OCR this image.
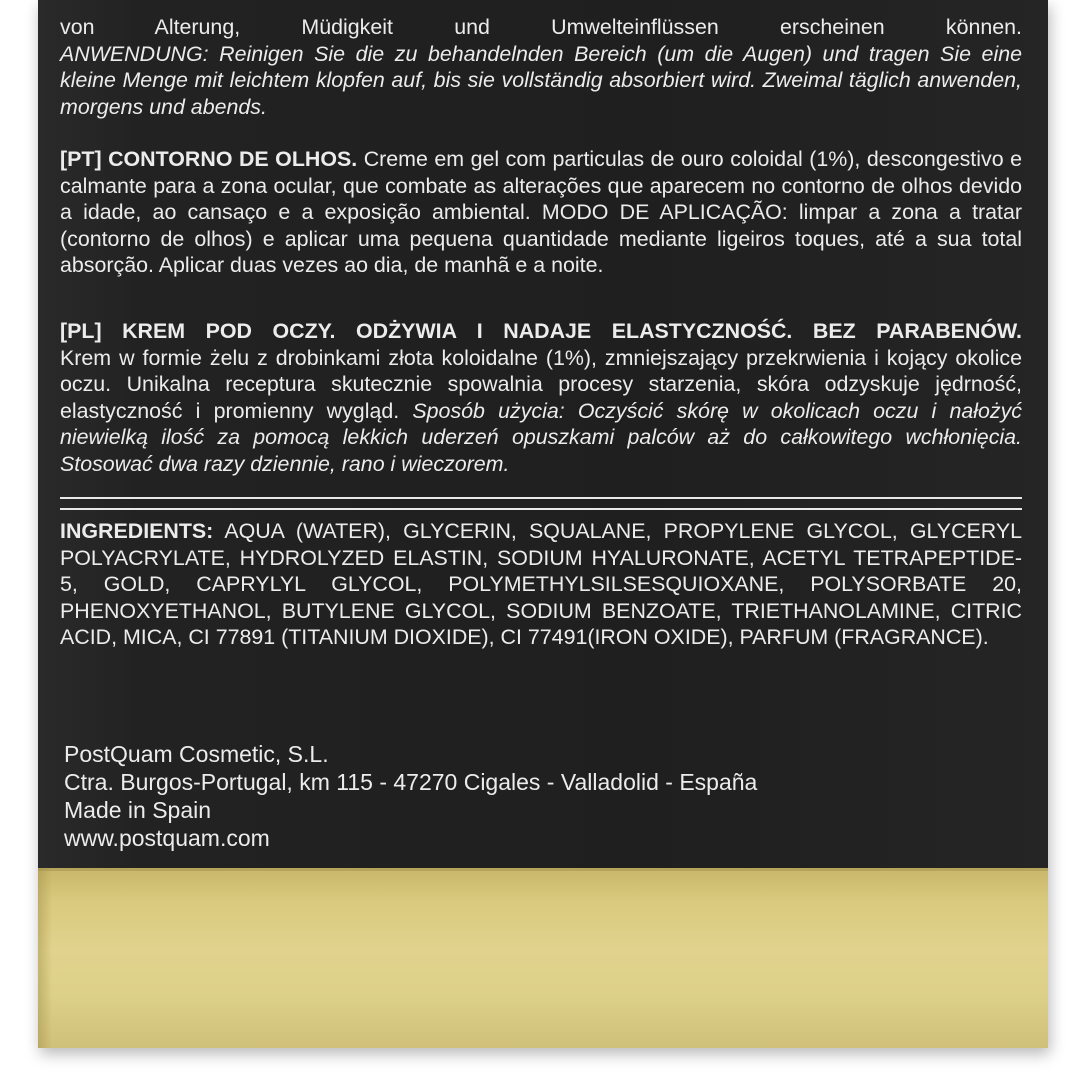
von Alterung, Müdigkeit und Umwelteinflüssen erscheinen können.

ANWENDUNG: Reinigen Sie die zu behandelnden Bereich (um die Augen) und tragen Sie eine kleine Menge mit leichtem klopfen auf, bis sie vollständig absorbiert wird. Zweimal täglich anwenden, morgens und abends.

[PT] CONTORNO DE OLHOS. Creme em gel com particulas de ouro coloidal (1%), descongestivo e calmante para a zona ocular, que combate as alterações que aparecem no contorno de olhos devido a idade, ao cansaço e a exposição ambiental. MODO DE APLICAÇÃO: limpar a zona a tratar (contorno de olhos) e aplicar uma pequena quantidade mediante ligeiros toques, até a sua total absorção. Aplicar duas vezes ao dia, de manhã e a noite.

[PL] KREM POD OCZY. ODŻYWIA I NADAJE ELASTYCZNOŚĆ. BEZ PARABENÓW.

Krem w formie żelu z drobinkami złota koloidalne (1%), zmniejszający przekrwienia i kojący okolice oczu. Unikalna receptura skutecznie spowalnia procesy starzenia, skóra odzyskuje jędrność, elastyczność i promienny wygląd. Sposób użycia: Oczyścić skórę w okolicach oczu i nałożyć niewielką ilość za pomocą lekkich uderzeń opuszkami palców aż do całkowitego wchłonięcia. Stosować dwa razy dziennie, rano i wieczorem.

INGREDIENTS: AQUA (WATER), GLYCERIN, SQUALANE, PROPYLENE GLYCOL, GLYCERYL POLYACRYLATE, HYDROLYZED ELASTIN, SODIUM HYALURONATE, ACETYL TETRAPEPTIDE-5, GOLD, CAPRYLYL GLYCOL, POLYMETHYLSILSESQUIOXANE, POLYSORBATE 20, PHENOXYETHANOL, BUTYLENE GLYCOL, SODIUM BENZOATE, TRIETHANOLAMINE, CITRIC ACID, MICA, CI 77891 (TITANIUM DIOXIDE), CI 77491(IRON OXIDE), PARFUM (FRAGRANCE).

PostQuam Cosmetic, S.L.
Ctra. Burgos-Portugal, km 115 - 47270 Cigales - Valladolid - España
Made in Spain
www.postquam.com
